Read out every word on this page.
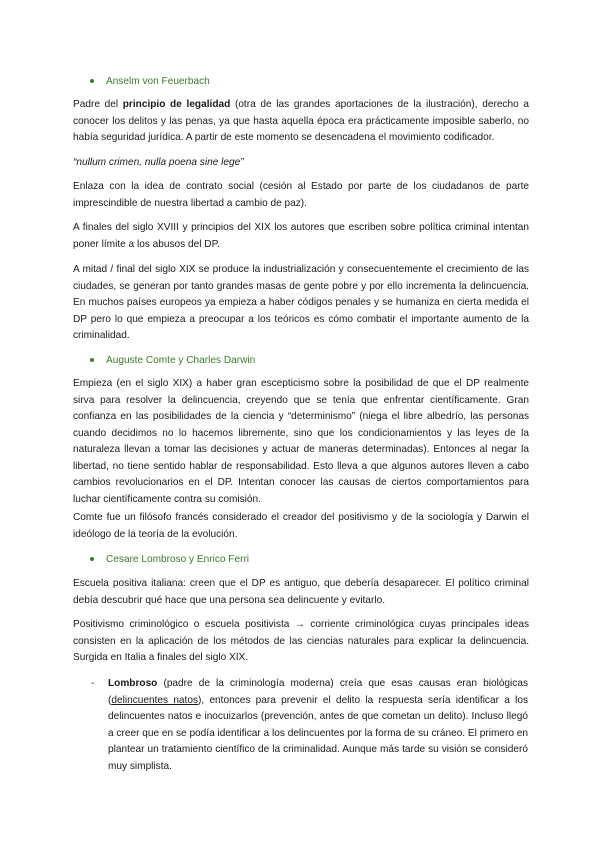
Anselm von Feuerbach

Padre del principio de legalidad (otra de las grandes aportaciones de la ilustración), derecho a conocer los delitos y las penas, ya que hasta aquella época era prácticamente imposible saberlo, no había seguridad jurídica. A partir de este momento se desencadena el movimiento codificador.

“nullum crimen, nulla poena sine lege”

Enlaza con la idea de contrato social (cesión al Estado por parte de los ciudadanos de parte imprescindible de nuestra libertad a cambio de paz).

A finales del siglo XVIII y principios del XIX los autores que escriben sobre política criminal intentan poner límite a los abusos del DP.

A mitad / final del siglo XIX se produce la industrialización y consecuentemente el crecimiento de las ciudades, se generan por tanto grandes masas de gente pobre y por ello incrementa la delincuencia. En muchos países europeos ya empieza a haber códigos penales y se humaniza en cierta medida el DP pero lo que empieza a preocupar a los teóricos es cómo combatir el importante aumento de la criminalidad.

Auguste Comte y Charles Darwin

Empieza (en el siglo XIX) a haber gran escepticismo sobre la posibilidad de que el DP realmente sirva para resolver la delincuencia, creyendo que se tenía que enfrentar científicamente. Gran confianza en las posibilidades de la ciencia y “determinismo” (niega el libre albedrío, las personas cuando decidimos no lo hacemos libremente, sino que los condicionamientos y las leyes de la naturaleza llevan a tomar las decisiones y actuar de maneras determinadas). Entonces al negar la libertad, no tiene sentido hablar de responsabilidad. Esto lleva a que algunos autores lleven a cabo cambios revolucionarios en el DP. Intentan conocer las causas de ciertos comportamientos para luchar científicamente contra su comisión.

Comte fue un filósofo francés considerado el creador del positivismo y de la sociología y Darwin el ideólogo de la teoría de la evolución.

Cesare Lombroso y Enrico Ferri

Escuela positiva italiana: creen que el DP es antiguo, que debería desaparecer. El político criminal debía descubrir qué hace que una persona sea delincuente y evitarlo.

Positivismo criminológico o escuela positivista → corriente criminológica cuyas principales ideas consisten en la aplicación de los métodos de las ciencias naturales para explicar la delincuencia. Surgida en Italia a finales del siglo XIX.

-	Lombroso (padre de la criminología moderna) creía que esas causas eran biológicas (delincuentes natos), entonces para prevenir el delito la respuesta sería identificar a los delincuentes natos e inocuizarlos (prevención, antes de que cometan un delito). Incluso llegó a creer que en se podía identificar a los delincuentes por la forma de su cráneo. El primero en plantear un tratamiento científico de la criminalidad. Aunque más tarde su visión se consideró muy simplista.
